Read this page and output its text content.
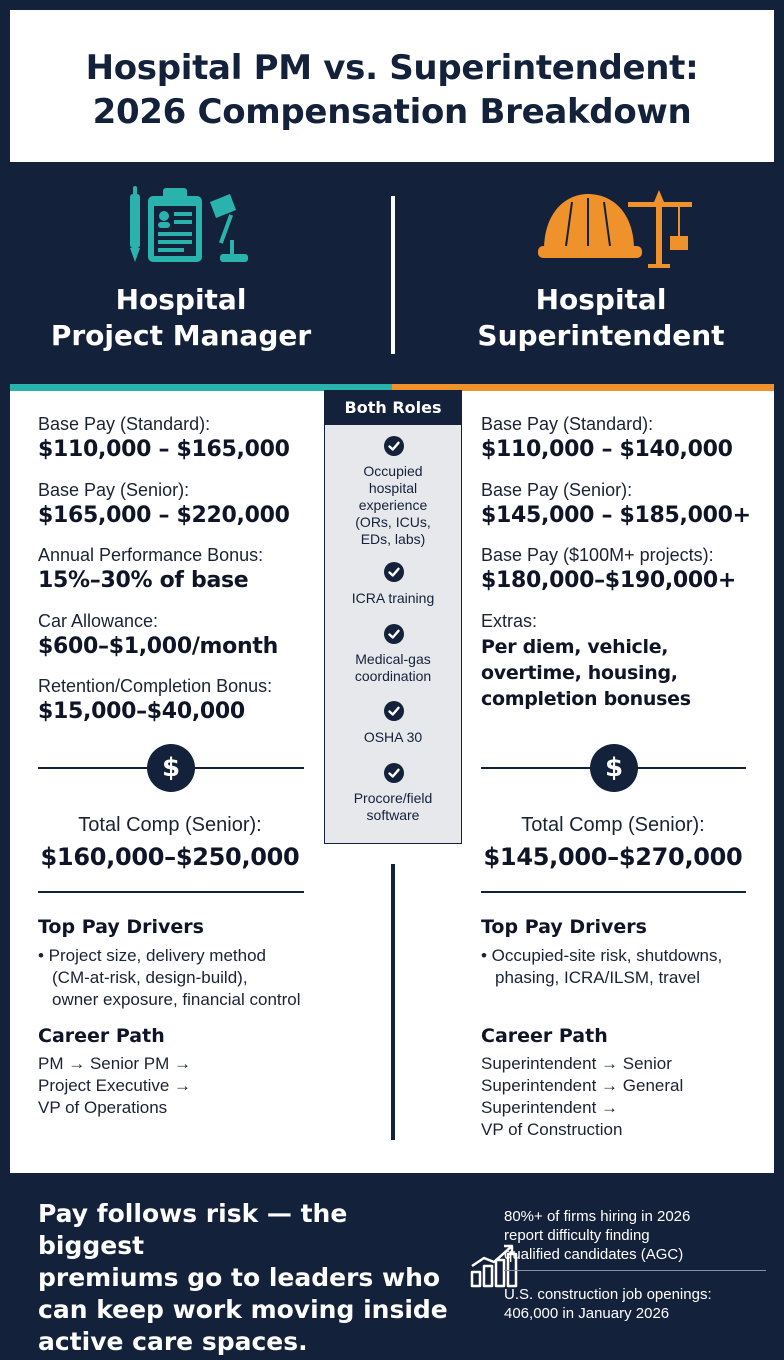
Hospital PM vs. Superintendent:
2026 Compensation Breakdown
Hospital
Project Manager
Hospital
Superintendent
Base Pay (Standard):
$110,000 – $165,000
Base Pay (Senior):
$165,000 – $220,000
Annual Performance Bonus:
15%–30% of base
Car Allowance:
$600–$1,000/month
Retention/Completion Bonus:
$15,000–$40,000
$
Total Comp (Senior):
$160,000–$250,000
Top Pay Drivers
• Project size, delivery method
(CM-at-risk, design-build),
owner exposure, financial control
Career Path
PM → Senior PM →
Project Executive →
VP of Operations
Base Pay (Standard):
$110,000 – $140,000
Base Pay (Senior):
$145,000 – $185,000+
Base Pay ($100M+ projects):
$180,000–$190,000+
Extras:
Per diem, vehicle,
overtime, housing,
completion bonuses
$
Total Comp (Senior):
$145,000–$270,000
Top Pay Drivers
• Occupied-site risk, shutdowns,
phasing, ICRA/ILSM, travel
Career Path
Superintendent → Senior
Superintendent → General
Superintendent →
VP of Construction
Both Roles
Occupied
hospital
experience
(ORs, ICUs,
EDs, labs)
ICRA training
Medical-gas
coordination
OSHA 30
Procore/field
software
Pay follows risk — the biggest
premiums go to leaders who
can keep work moving inside
active care spaces.
80%+ of firms hiring in 2026
report difficulty finding
qualified candidates (AGC)
U.S. construction job openings:
406,000 in January 2026
